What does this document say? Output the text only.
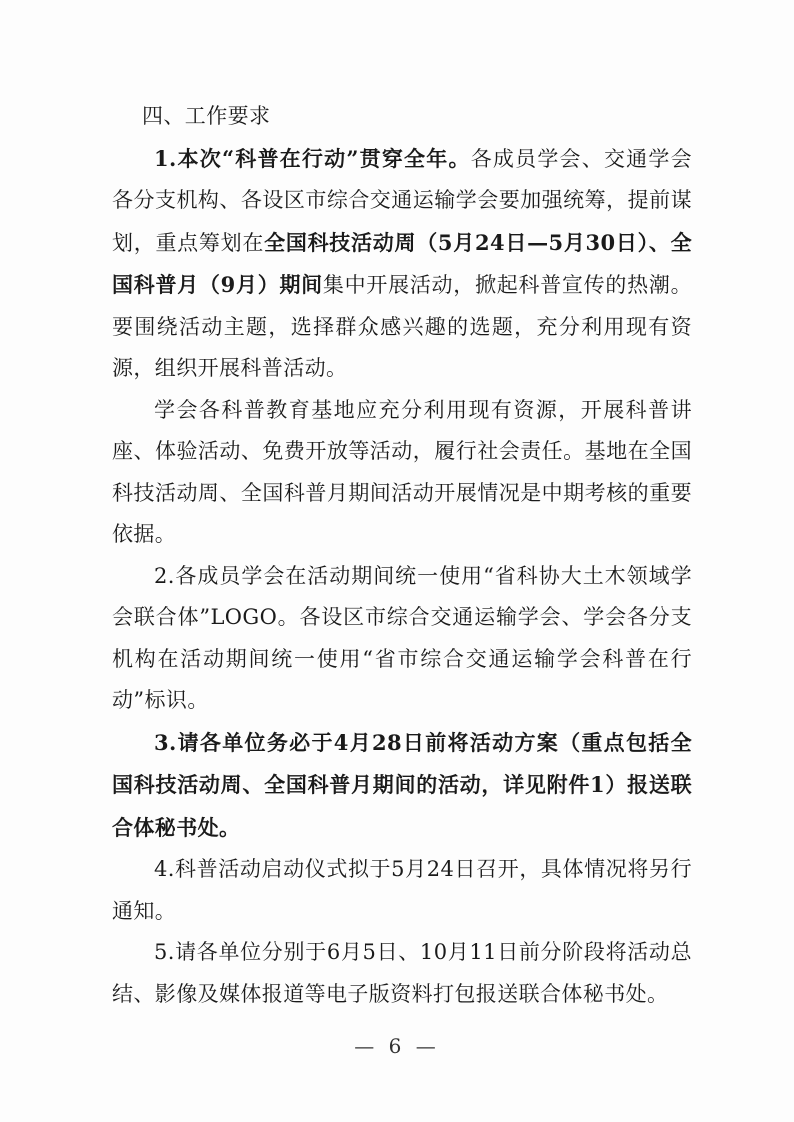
四、工作要求

1.本次“科普在行动”贯穿全年。各成员学会、交通学会各分支机构、各设区市综合交通运输学会要加强统筹，提前谋划，重点筹划在全国科技活动周（5月24日—5月30日）、全国科普月（9月）期间集中开展活动，掀起科普宣传的热潮。要围绕活动主题，选择群众感兴趣的选题，充分利用现有资源，组织开展科普活动。

学会各科普教育基地应充分利用现有资源，开展科普讲座、体验活动、免费开放等活动，履行社会责任。基地在全国科技活动周、全国科普月期间活动开展情况是中期考核的重要依据。

2.各成员学会在活动期间统一使用“省科协大土木领域学会联合体”LOGO。各设区市综合交通运输学会、学会各分支机构在活动期间统一使用“省市综合交通运输学会科普在行动”标识。

3.请各单位务必于4月28日前将活动方案（重点包括全国科技活动周、全国科普月期间的活动，详见附件1）报送联合体秘书处。

4.科普活动启动仪式拟于5月24日召开，具体情况将另行通知。

5.请各单位分别于6月5日、10月11日前分阶段将活动总结、影像及媒体报道等电子版资料打包报送联合体秘书处。

— 6 —
